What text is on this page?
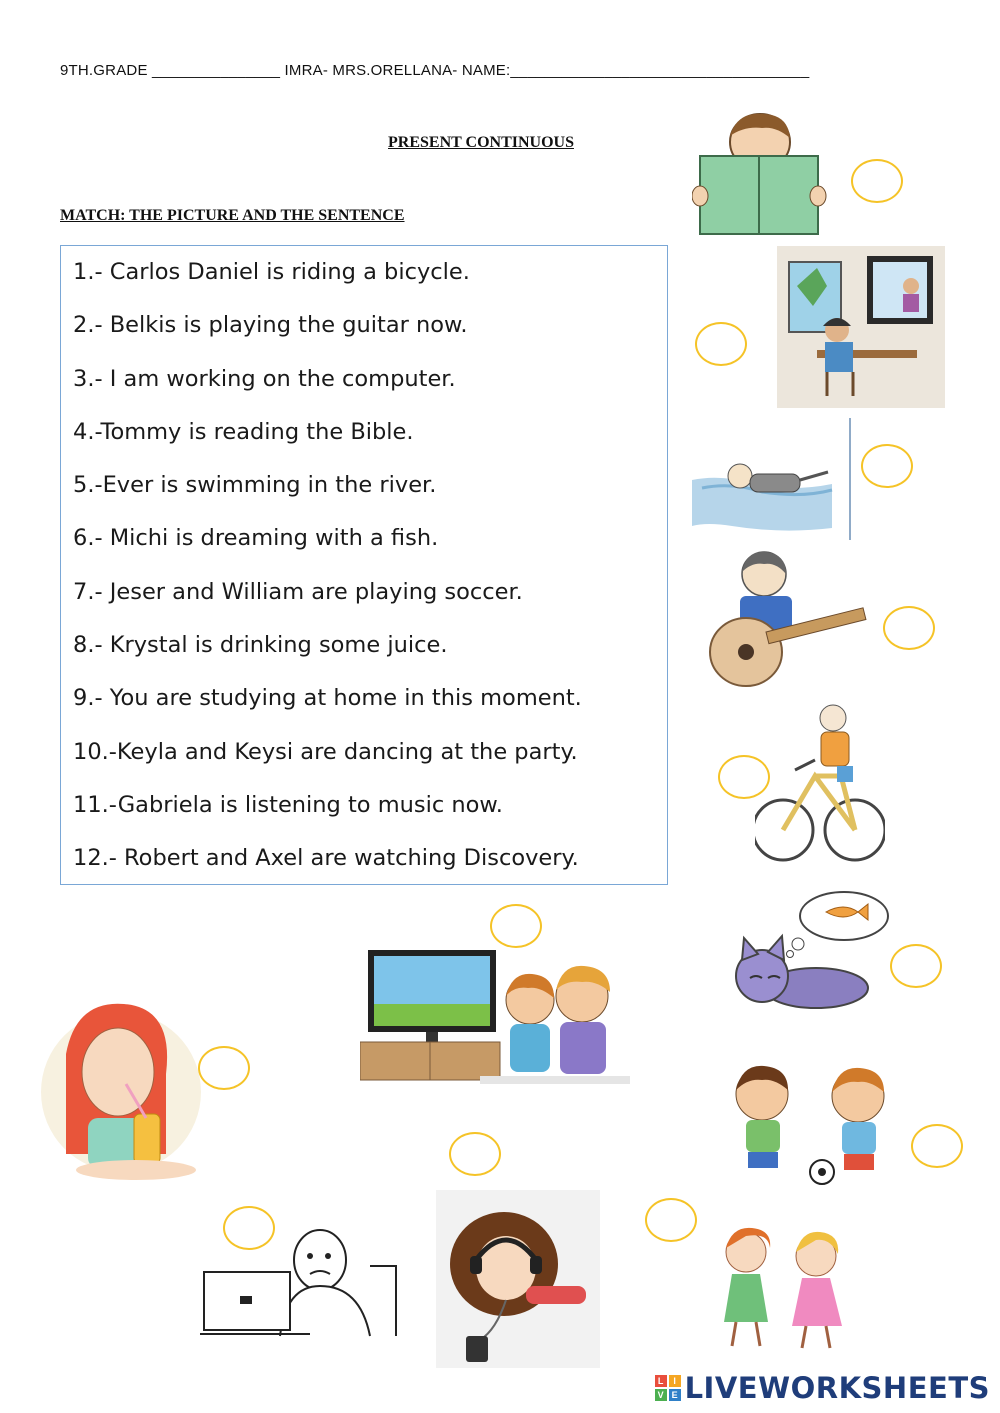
9TH.GRADE _______________ IMRA- MRS.ORELLANA- NAME:___________________________________
PRESENT CONTINUOUS
MATCH: THE PICTURE AND THE SENTENCE
1.- Carlos Daniel is riding a bicycle.
2.- Belkis is playing the guitar now.
3.- I am working on the computer.
4.-Tommy is reading the Bible.
5.-Ever is swimming in the river.
6.- Michi is dreaming with a fish.
7.- Jeser and William are playing soccer.
8.- Krystal is drinking some juice.
9.- You are studying at home in this moment.
10.-Keyla and Keysi are dancing at the party.
11.-Gabriela is listening to music now.
12.- Robert and Axel are watching Discovery.
L	I
V E LIVEWORKSHEETS
